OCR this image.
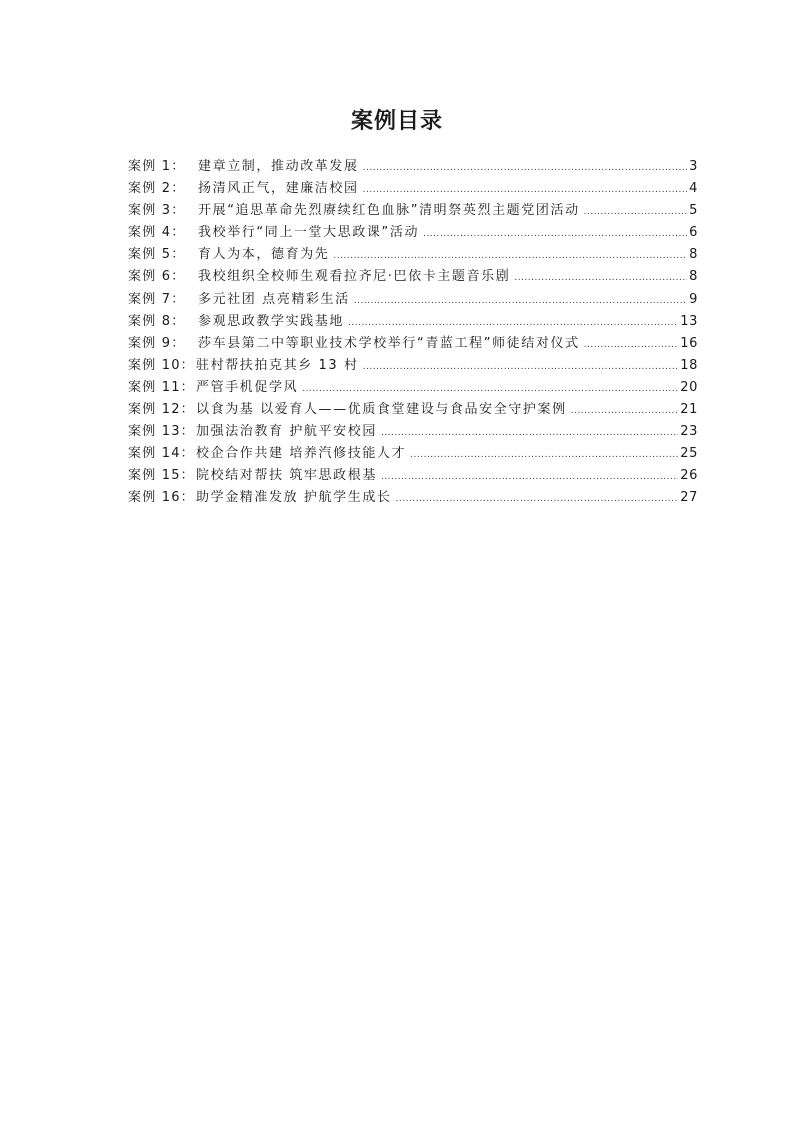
案例目录
案例 1： 建章立制，推动改革发展 .....	3
案例 2： 扬清风正气，建廉洁校园 .....	4
案例 3： 开展“追思革命先烈赓续红色血脉”清明祭英烈主题党团活动 .....	5
案例 4： 我校举行“同上一堂大思政课”活动 .....	6
案例 5： 育人为本，德育为先 .....	8
案例 6： 我校组织全校师生观看拉齐尼·巴依卡主题音乐剧 .....	8
案例 7： 多元社团 点亮精彩生活 .....	9
案例 8： 参观思政教学实践基地 .....	13
案例 9： 莎车县第二中等职业技术学校举行“青蓝工程”师徒结对仪式 .....	16
案例 10： 驻村帮扶拍克其乡 13 村 .....	18
案例 11： 严管手机促学风 .....	20
案例 12： 以食为基 以爱育人——优质食堂建设与食品安全守护案例 .....	21
案例 13： 加强法治教育 护航平安校园 .....	23
案例 14： 校企合作共建 培养汽修技能人才 .....	25
案例 15： 院校结对帮扶 筑牢思政根基 .....	26
案例 16： 助学金精准发放 护航学生成长 .....	27
